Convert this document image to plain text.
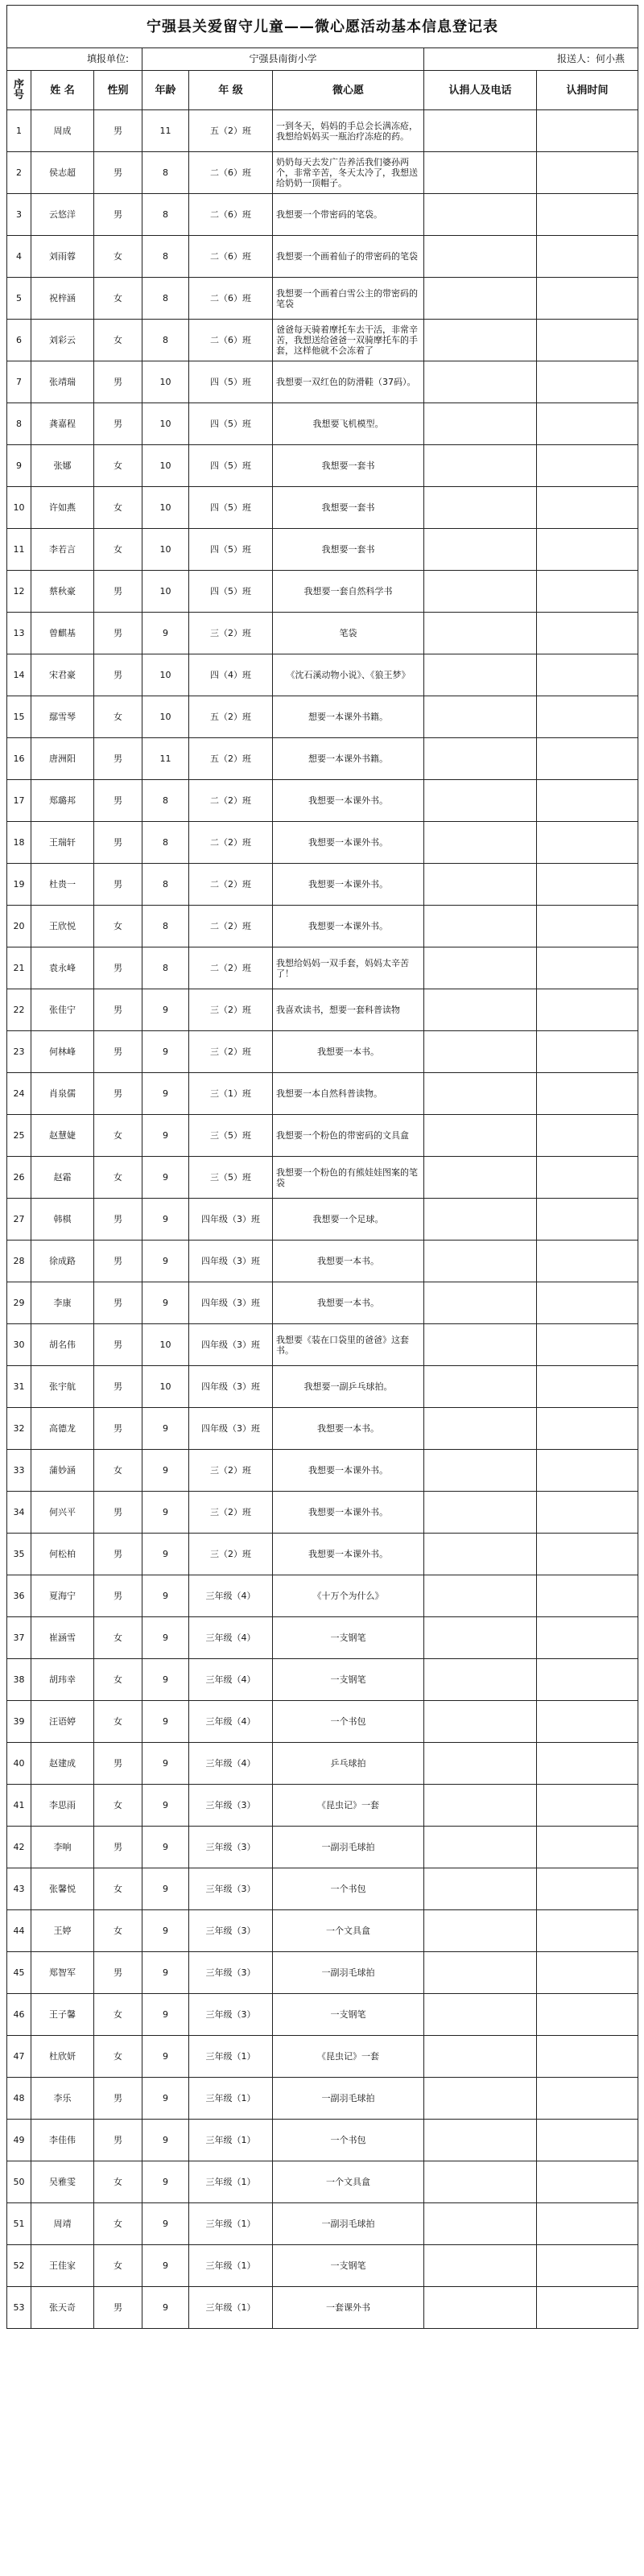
宁强县关爱留守儿童——微心愿活动基本信息登记表							
填报单位:			宁强县南街小学			报送人：何小燕	
序号	姓 名	性别	年龄	年 级	微心愿	认捐人及电话	认捐时间
1	周成	男	11	五（2）班	一到冬天，妈妈的手总会长满冻疮，我想给妈妈买一瓶治疗冻疮的药。		
2	侯志超	男	8	二（6）班	奶奶每天去发广告养活我们婆孙两个，非常辛苦，冬天太冷了，我想送给奶奶一顶帽子。		
3	云悠洋	男	8	二（6）班	我想要一个带密码的笔袋。		
4	刘雨蓉	女	8	二（6）班	我想要一个画着仙子的带密码的笔袋		
5	祝梓涵	女	8	二（6）班	我想要一个画着白雪公主的带密码的笔袋		
6	刘彩云	女	8	二（6）班	爸爸每天骑着摩托车去干活，非常辛苦，我想送给爸爸一双骑摩托车的手套，这样他就不会冻着了		
7	张靖瑞	男	10	四（5）班	我想要一双红色的防滑鞋（37码）。		
8	龚嘉程	男	10	四（5）班	我想要飞机模型。		
9	张娜	女	10	四（5）班	我想要一套书		
10	许如燕	女	10	四（5）班	我想要一套书		
11	李若言	女	10	四（5）班	我想要一套书		
12	蔡秋豪	男	10	四（5）班	我想要一套自然科学书		
13	曾麒基	男	9	三（2）班	笔袋		
14	宋君豪	男	10	四（4）班	《沈石溪动物小说》、《狼王梦》		
15	鄢雪琴	女	10	五（2）班	想要一本课外书籍。		
16	唐洲阳	男	11	五（2）班	想要一本课外书籍。		
17	郑璐邦	男	8	二（2）班	我想要一本课外书。		
18	王瑞轩	男	8	二（2）班	我想要一本课外书。		
19	杜贵一	男	8	二（2）班	我想要一本课外书。		
20	王欣悦	女	8	二（2）班	我想要一本课外书。		
21	袁永峰	男	8	二（2）班	我想给妈妈一双手套，妈妈太辛苦了！		
22	张佳宁	男	9	三（2）班	我喜欢读书，想要一套科普读物		
23	何林峰	男	9	三（2）班	我想要一本书。		
24	肖泉儒	男	9	三（1）班	我想要一本自然科普读物。		
25	赵慧婕	女	9	三（5）班	我想要一个粉色的带密码的文具盒		
26	赵霜	女	9	三（5）班	我想要一个粉色的有熊娃娃图案的笔袋		
27	韩棋	男	9	四年级（3）班	我想要一个足球。		
28	徐成路	男	9	四年级（3）班	我想要一本书。		
29	李康	男	9	四年级（3）班	我想要一本书。		
30	胡名伟	男	10	四年级（3）班	我想要《装在口袋里的爸爸》这套书。		
31	张宇航	男	10	四年级（3）班	我想要一副乒乓球拍。		
32	高德龙	男	9	四年级（3）班	我想要一本书。		
33	蒲妙涵	女	9	三（2）班	我想要一本课外书。		
34	何兴平	男	9	三（2）班	我想要一本课外书。		
35	何松柏	男	9	三（2）班	我想要一本课外书。		
36	夏海宁	男	9	三年级（4）	《十万个为什么》		
37	崔涵雪	女	9	三年级（4）	一支钢笔		
38	胡玮幸	女	9	三年级（4）	一支钢笔		
39	汪语婷	女	9	三年级（4）	一个书包		
40	赵建成	男	9	三年级（4）	乒乓球拍		
41	李思雨	女	9	三年级（3）	《昆虫记》一套		
42	李响	男	9	三年级（3）	一副羽毛球拍		
43	张馨悦	女	9	三年级（3）	一个书包		
44	王婷	女	9	三年级（3）	一个文具盒		
45	郑智军	男	9	三年级（3）	一副羽毛球拍		
46	王子馨	女	9	三年级（3）	一支钢笔		
47	杜欣妍	女	9	三年级（1）	《昆虫记》一套		
48	李乐	男	9	三年级（1）	一副羽毛球拍		
49	李佳伟	男	9	三年级（1）	一个书包		
50	吴雅雯	女	9	三年级（1）	一个文具盒		
51	周靖	女	9	三年级（1）	一副羽毛球拍		
52	王佳家	女	9	三年级（1）	一支钢笔		
53	张天奇	男	9	三年级（1）	一套课外书		
